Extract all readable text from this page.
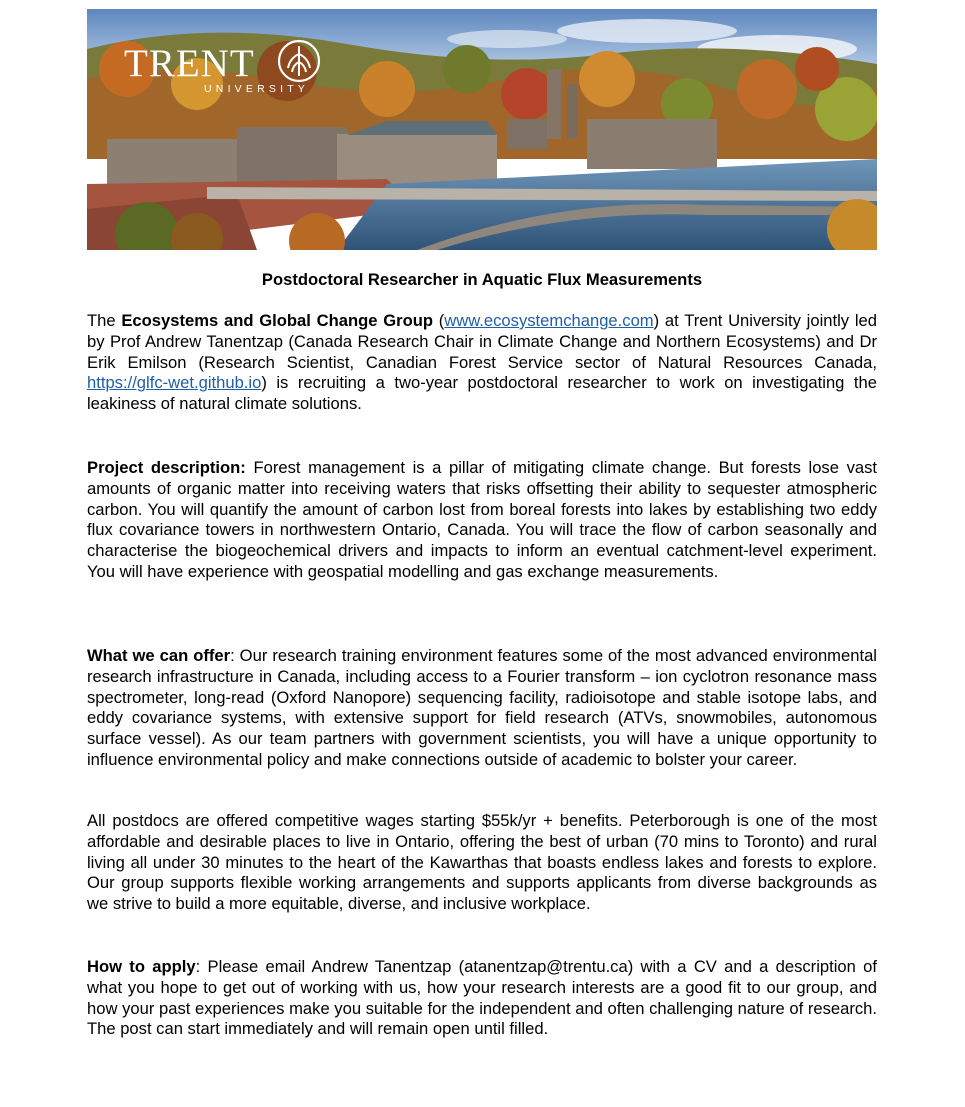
TRENT
UNIVERSITY
Postdoctoral Researcher in Aquatic Flux Measurements

The Ecosystems and Global Change Group (www.ecosystemchange.com) at Trent University jointly led by Prof Andrew Tanentzap (Canada Research Chair in Climate Change and Northern Ecosystems) and Dr Erik Emilson (Research Scientist, Canadian Forest Service sector of Natural Resources Canada, https://glfc-wet.github.io) is recruiting a two-year postdoctoral researcher to work on investigating the leakiness of natural climate solutions.

Project description: Forest management is a pillar of mitigating climate change. But forests lose vast amounts of organic matter into receiving waters that risks offsetting their ability to sequester atmospheric carbon. You will quantify the amount of carbon lost from boreal forests into lakes by establishing two eddy flux covariance towers in northwestern Ontario, Canada. You will trace the flow of carbon seasonally and characterise the biogeochemical drivers and impacts to inform an eventual catchment-level experiment. You will have experience with geospatial modelling and gas exchange measurements.

What we can offer: Our research training environment features some of the most advanced environmental research infrastructure in Canada, including access to a Fourier transform – ion cyclotron resonance mass spectrometer, long-read (Oxford Nanopore) sequencing facility, radioisotope and stable isotope labs, and eddy covariance systems, with extensive support for field research (ATVs, snowmobiles, autonomous surface vessel). As our team partners with government scientists, you will have a unique opportunity to influence environmental policy and make connections outside of academic to bolster your career.

All postdocs are offered competitive wages starting $55k/yr + benefits. Peterborough is one of the most affordable and desirable places to live in Ontario, offering the best of urban (70 mins to Toronto) and rural living all under 30 minutes to the heart of the Kawarthas that boasts endless lakes and forests to explore. Our group supports flexible working arrangements and supports applicants from diverse backgrounds as we strive to build a more equitable, diverse, and inclusive workplace.

How to apply: Please email Andrew Tanentzap (atanentzap@trentu.ca) with a CV and a description of what you hope to get out of working with us, how your research interests are a good fit to our group, and how your past experiences make you suitable for the independent and often challenging nature of research. The post can start immediately and will remain open until filled.
